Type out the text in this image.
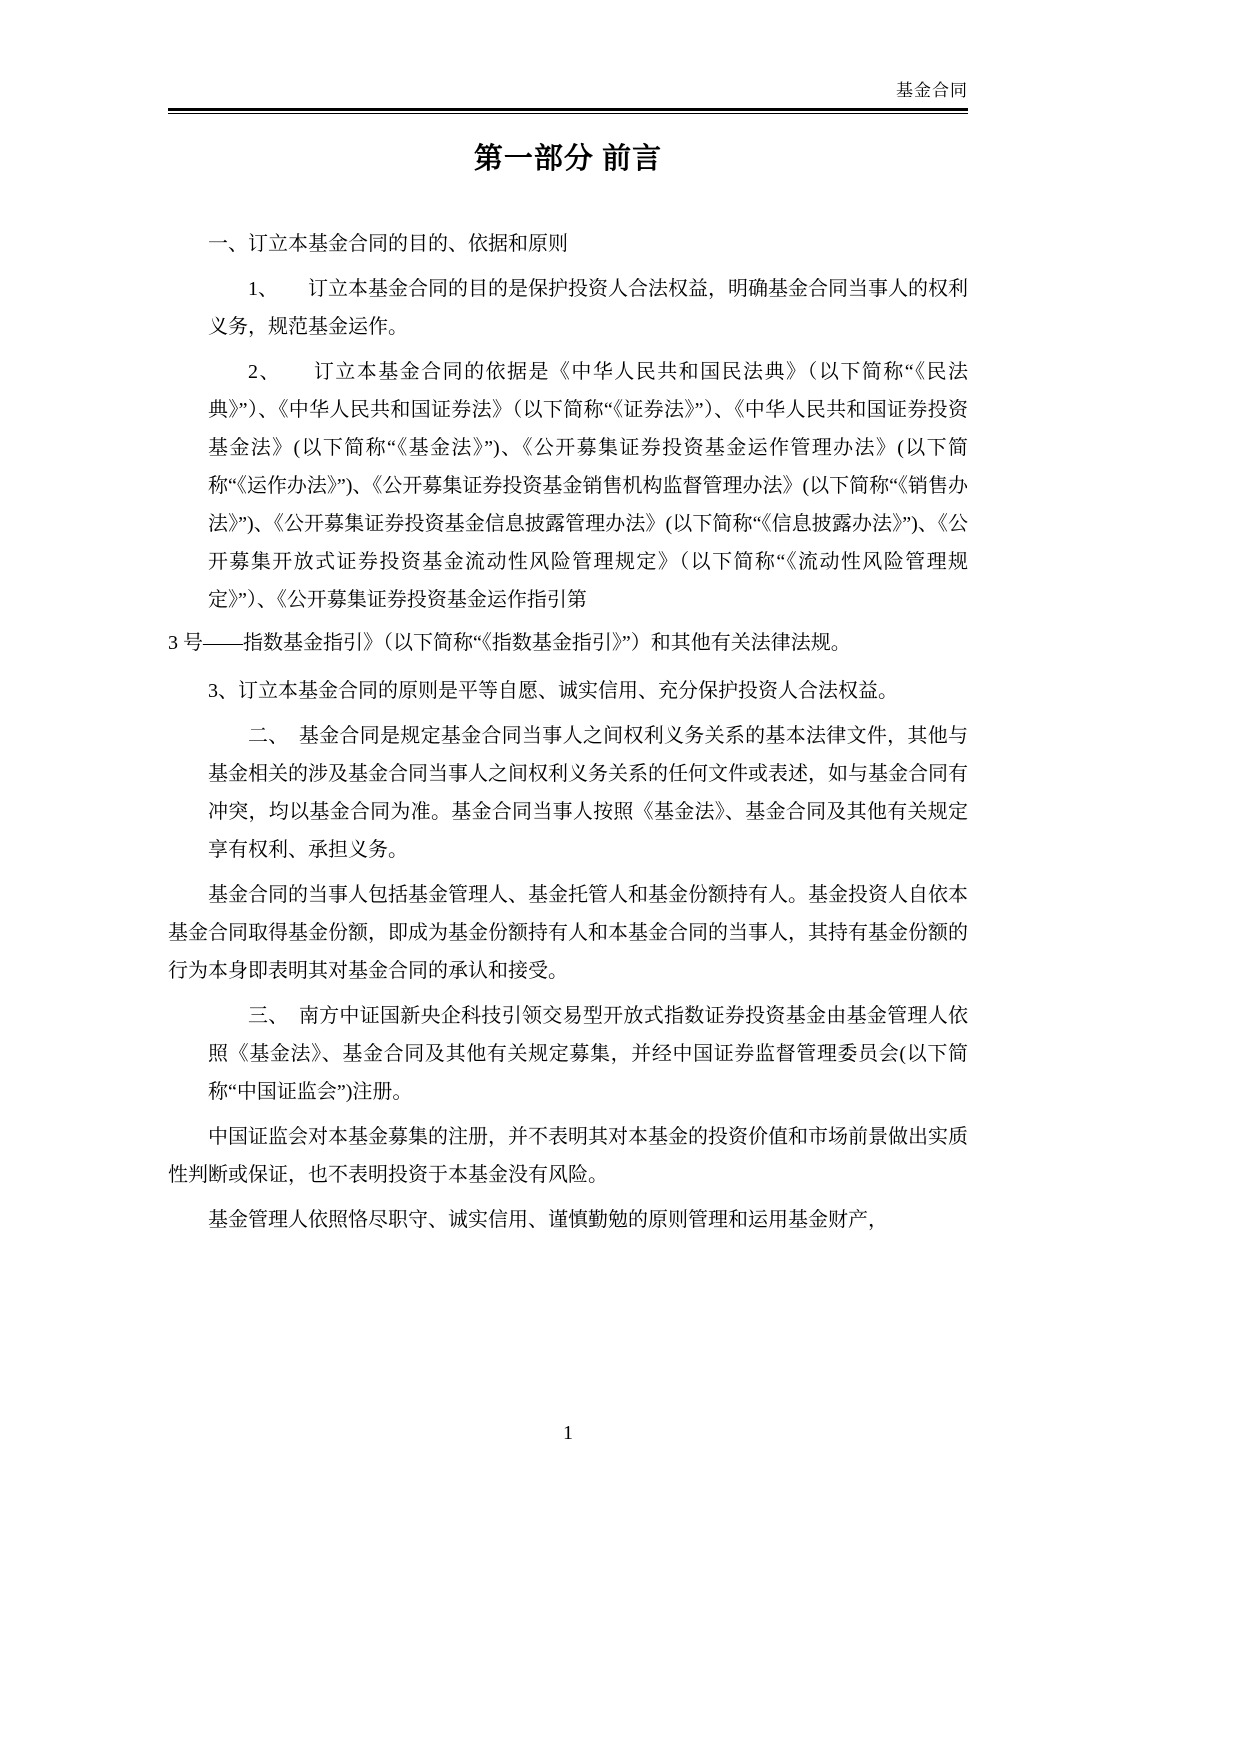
基金合同
第一部分 前言

一、订立本基金合同的目的、依据和原则

1、　　订立本基金合同的目的是保护投资人合法权益，明确基金合同当事人的权利义务，规范基金运作。

2、　　订立本基金合同的依据是《中华人民共和国民法典》（以下简称“《民法典》”）、《中华人民共和国证券法》（以下简称“《证券法》”）、《中华人民共和国证券投资基金法》(以下简称“《基金法》”)、《公开募集证券投资基金运作管理办法》(以下简称“《运作办法》”)、《公开募集证券投资基金销售机构监督管理办法》(以下简称“《销售办法》”)、《公开募集证券投资基金信息披露管理办法》(以下简称“《信息披露办法》”)、《公开募集开放式证券投资基金流动性风险管理规定》（以下简称“《流动性风险管理规定》”）、《公开募集证券投资基金运作指引第

3 号——指数基金指引》（以下简称“《指数基金指引》”）和其他有关法律法规。

3、订立本基金合同的原则是平等自愿、诚实信用、充分保护投资人合法权益。

二、　基金合同是规定基金合同当事人之间权利义务关系的基本法律文件，其他与基金相关的涉及基金合同当事人之间权利义务关系的任何文件或表述，如与基金合同有冲突，均以基金合同为准。基金合同当事人按照《基金法》、基金合同及其他有关规定享有权利、承担义务。

基金合同的当事人包括基金管理人、基金托管人和基金份额持有人。基金投资人自依本基金合同取得基金份额，即成为基金份额持有人和本基金合同的当事人，其持有基金份额的行为本身即表明其对基金合同的承认和接受。

三、　南方中证国新央企科技引领交易型开放式指数证券投资基金由基金管理人依照《基金法》、基金合同及其他有关规定募集，并经中国证券监督管理委员会(以下简称“中国证监会”)注册。

中国证监会对本基金募集的注册，并不表明其对本基金的投资价值和市场前景做出实质性判断或保证，也不表明投资于本基金没有风险。

基金管理人依照恪尽职守、诚实信用、谨慎勤勉的原则管理和运用基金财产，

1
